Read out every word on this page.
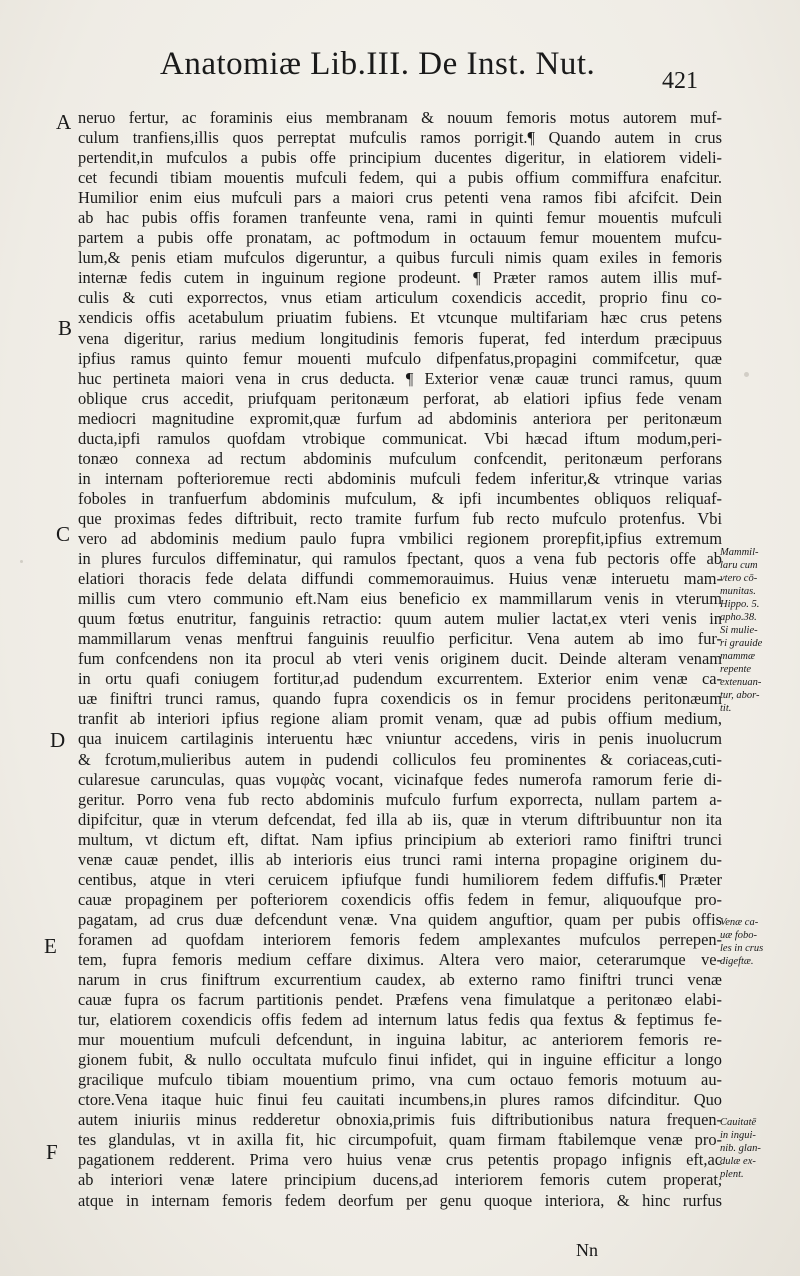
Anatomiæ Lib.III. De Inst. Nut.	421
A
B
C
D
E
F
neruo fertur, ac foraminis eius membranam & nouum femoris motus autorem muf-
culum tranfiens,illis quos perreptat mufculis ramos porrigit.¶ Quando autem in crus
pertendit,in mufculos a pubis offe principium ducentes digeritur, in elatiorem videli-
cet fecundi tibiam mouentis mufculi fedem, qui a pubis offium commiffura enafcitur.
Humilior enim eius mufculi pars a maiori crus petenti vena ramos fibi afcifcit. Dein
ab hac pubis offis foramen tranfeunte vena, rami in quinti femur mouentis mufculi
partem a pubis offe pronatam, ac poftmodum in octauum femur mouentem mufcu-
lum,& penis etiam mufculos digeruntur, a quibus furculi nimis quam exiles in femoris
internæ fedis cutem in inguinum regione prodeunt. ¶ Præter ramos autem illis muf-
culis & cuti exporrectos, vnus etiam articulum coxendicis accedit, proprio finu co-
xendicis offis acetabulum priuatim fubiens. Et vtcunque multifariam hæc crus petens
vena digeritur, rarius medium longitudinis femoris fuperat, fed interdum præcipuus
ipfius ramus quinto femur mouenti mufculo difpenfatus,propagini commifcetur, quæ
huc pertineta maiori vena in crus deducta. ¶ Exterior venæ cauæ trunci ramus, quum
oblique crus accedit, priufquam peritonæum perforat, ab elatiori ipfius fede venam
mediocri magnitudine expromit,quæ furfum ad abdominis anteriora per peritonæum
ducta,ipfi ramulos quofdam vtrobique communicat. Vbi hæcad iftum modum,peri-
tonæo connexa ad rectum abdominis mufculum confcendit, peritonæum perforans
in internam pofterioremue recti abdominis mufculi fedem inferitur,& vtrinque varias
foboles in tranfuerfum abdominis mufculum, & ipfi incumbentes obliquos reliquaf-
que proximas fedes diftribuit, recto tramite furfum fub recto mufculo protenfus. Vbi
vero ad abdominis medium paulo fupra vmbilici regionem prorepfit,ipfius extremum
in plures furculos diffeminatur, qui ramulos fpectant, quos a vena fub pectoris offe ab
elatiori thoracis fede delata diffundi commemorauimus. Huius venæ interuetu mam-
millis cum vtero communio eft.Nam eius beneficio ex mammillarum venis in vterum
quum fœtus enutritur, fanguinis retractio: quum autem mulier lactat,ex vteri venis in
mammillarum venas menftrui fanguinis reuulfio perficitur. Vena autem ab imo fur-
fum confcendens non ita procul ab vteri venis originem ducit. Deinde alteram venam
in ortu quafi coniugem fortitur,ad pudendum excurrentem. Exterior enim venæ ca-
uæ finiftri trunci ramus, quando fupra coxendicis os in femur procidens peritonæum
tranfit ab interiori ipfius regione aliam promit venam, quæ ad pubis offium medium,
qua inuicem cartilaginis interuentu hæc vniuntur accedens, viris in penis inuolucrum
& fcrotum,mulieribus autem in pudendi colliculos feu prominentes & coriaceas,cuti-
cularesue carunculas, quas νυμφὰς vocant, vicinafque fedes numerofa ramorum ferie di-
geritur. Porro vena fub recto abdominis mufculo furfum exporrecta, nullam partem a-
dipifcitur, quæ in vterum defcendat, fed illa ab iis, quæ in vterum diftribuuntur non ita
multum, vt dictum eft, diftat. Nam ipfius principium ab exteriori ramo finiftri trunci
venæ cauæ pendet, illis ab interioris eius trunci rami interna propagine originem du-
centibus, atque in vteri ceruicem ipfiufque fundi humiliorem fedem diffufis.¶ Præter
cauæ propaginem per pofteriorem coxendicis offis fedem in femur, aliquoufque pro-
pagatam, ad crus duæ defcendunt venæ. Vna quidem anguftior, quam per pubis offis
foramen ad quofdam interiorem femoris fedem amplexantes mufculos perrepen-
tem, fupra femoris medium ceffare diximus. Altera vero maior, ceterarumque ve-
narum in crus finiftrum excurrentium caudex, ab externo ramo finiftri trunci venæ
cauæ fupra os facrum partitionis pendet. Præfens vena fimulatque a peritonæo elabi-
tur, elatiorem coxendicis offis fedem ad internum latus fedis qua fextus & feptimus fe-
mur mouentium mufculi defcendunt, in inguina labitur, ac anteriorem femoris re-
gionem fubit, & nullo occultata mufculo finui infidet, qui in inguine efficitur a longo
gracilique mufculo tibiam mouentium primo, vna cum octauo femoris motuum au-
ctore.Vena itaque huic finui feu cauitati incumbens,in plures ramos difcinditur. Quo
autem iniuriis minus redderetur obnoxia,primis fuis diftributionibus natura frequen-
tes glandulas, vt in axilla fit, hic circumpofuit, quam firmam ftabilemque venæ pro-
pagationem redderent. Prima vero huius venæ crus petentis propago infignis eft,ac
ab interiori venæ latere principium ducens,ad interiorem femoris cutem properat,
atque in internam femoris fedem deorfum per genu quoque interiora, & hinc rurfus
Mammil-
laru cum
vtero cō-
munitas.
Hippo. 5.
apho.38.
Si mulie-
ri grauide
mammæ
repente
extenuan-
tur, abor-
tit.
Venæ ca-
uæ fobo-
les in crus
digeftæ.
Cauitatē
in ingui-
nib. glan-
dulæ ex-
plent.
Nn
